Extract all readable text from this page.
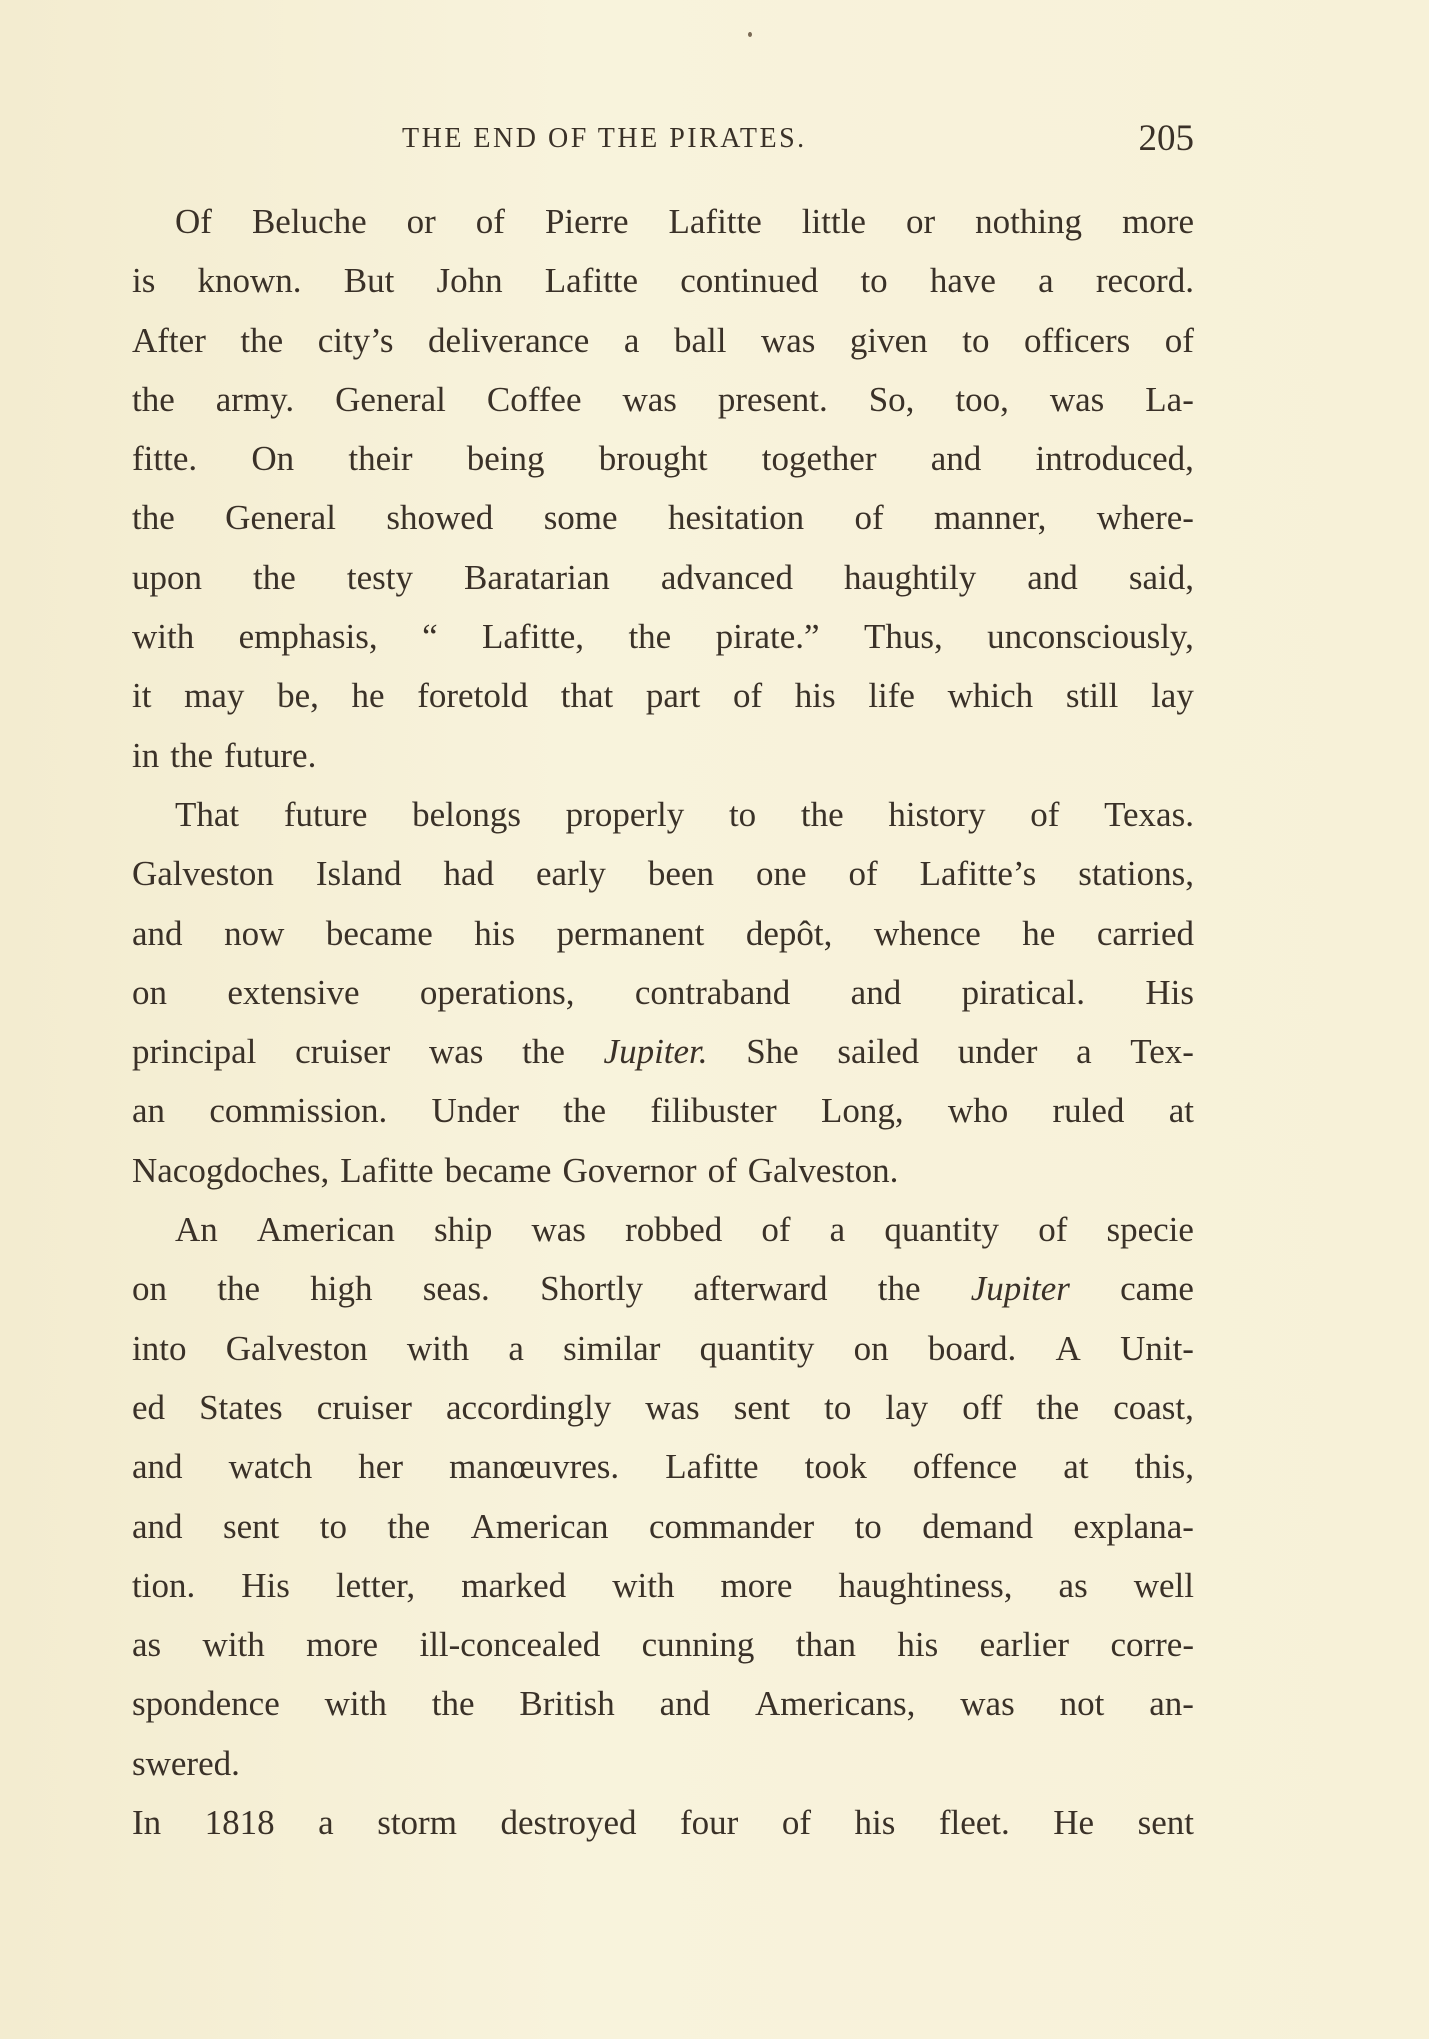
THE END OF THE PIRATES.	205
Of Beluche or of Pierre Lafitte little or nothing more
is known. But John Lafitte continued to have a record.
After the city’s deliverance a ball was given to officers of
the army. General Coffee was present. So, too, was La-
fitte. On their being brought together and introduced,
the General showed some hesitation of manner, where-
upon the testy Baratarian advanced haughtily and said,
with emphasis, “ Lafitte, the pirate.” Thus, unconsciously,
it may be, he foretold that part of his life which still lay
in the future.
That future belongs properly to the history of Texas.
Galveston Island had early been one of Lafitte’s stations,
and now became his permanent depôt, whence he carried
on extensive operations, contraband and piratical. His
principal cruiser was the Jupiter. She sailed under a Tex-
an commission. Under the filibuster Long, who ruled at
Nacogdoches, Lafitte became Governor of Galveston.
An American ship was robbed of a quantity of specie
on the high seas. Shortly afterward the Jupiter came
into Galveston with a similar quantity on board. A Unit-
ed States cruiser accordingly was sent to lay off the coast,
and watch her manœuvres. Lafitte took offence at this,
and sent to the American commander to demand explana-
tion. His letter, marked with more haughtiness, as well
as with more ill-concealed cunning than his earlier corre-
spondence with the British and Americans, was not an-
swered.
In 1818 a storm destroyed four of his fleet. He sent
